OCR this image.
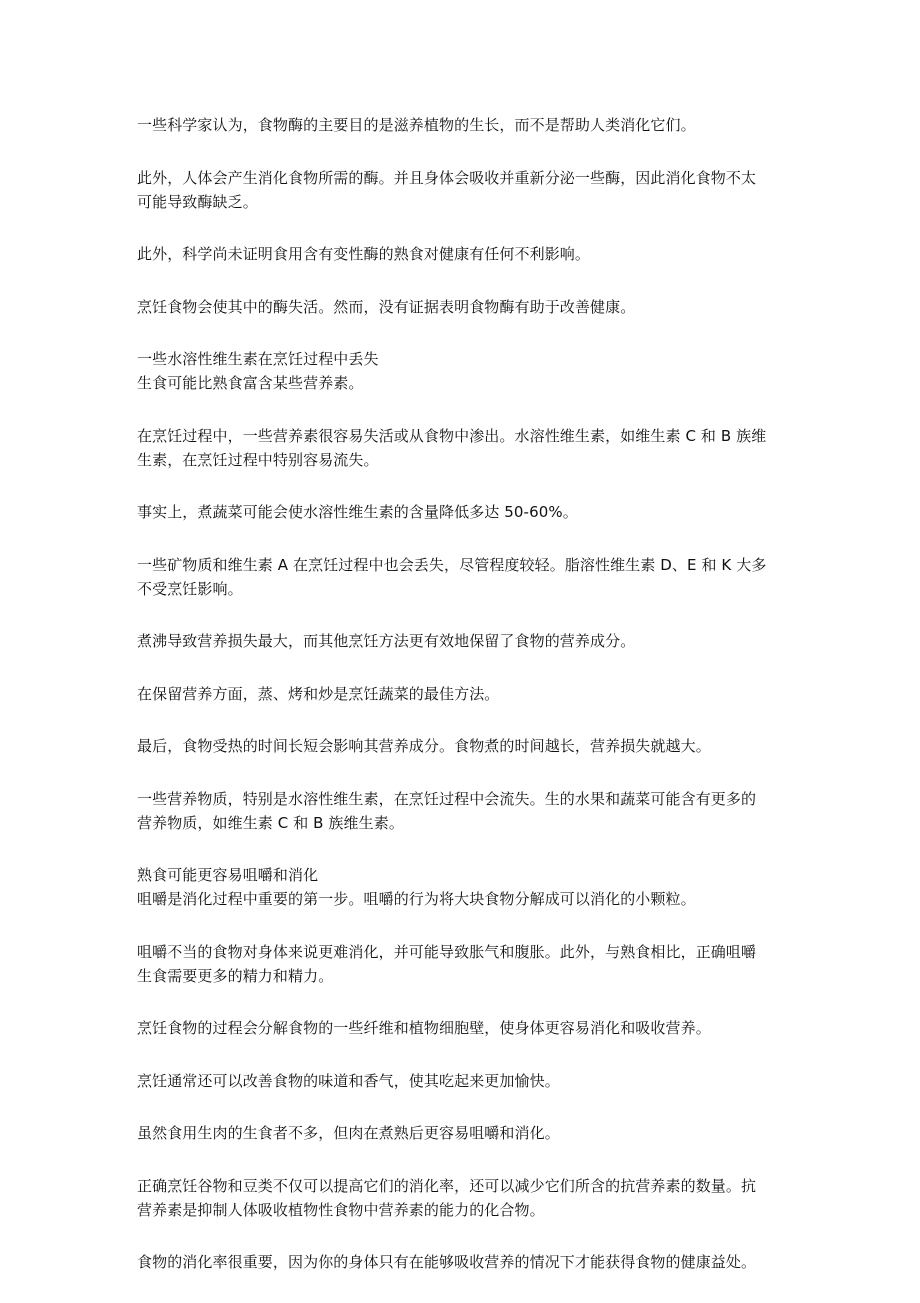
一些科学家认为，食物酶的主要目的是滋养植物的生长，而不是帮助人类消化它们。

此外，人体会产生消化食物所需的酶。并且身体会吸收并重新分泌一些酶，因此消化食物不太
可能导致酶缺乏。

此外，科学尚未证明食用含有变性酶的熟食对健康有任何不利影响。

烹饪食物会使其中的酶失活。然而，没有证据表明食物酶有助于改善健康。

一些水溶性维生素在烹饪过程中丢失
生食可能比熟食富含某些营养素。

在烹饪过程中，一些营养素很容易失活或从食物中渗出。水溶性维生素，如维生素 C 和 B 族维
生素，在烹饪过程中特别容易流失。

事实上，煮蔬菜可能会使水溶性维生素的含量降低多达 50-60%。

一些矿物质和维生素 A 在烹饪过程中也会丢失，尽管程度较轻。脂溶性维生素 D、E 和 K 大多
不受烹饪影响。

煮沸导致营养损失最大，而其他烹饪方法更有效地保留了食物的营养成分。

在保留营养方面，蒸、烤和炒是烹饪蔬菜的最佳方法。

最后，食物受热的时间长短会影响其营养成分。食物煮的时间越长，营养损失就越大。

一些营养物质，特别是水溶性维生素，在烹饪过程中会流失。生的水果和蔬菜可能含有更多的
营养物质，如维生素 C 和 B 族维生素。

熟食可能更容易咀嚼和消化
咀嚼是消化过程中重要的第一步。咀嚼的行为将大块食物分解成可以消化的小颗粒。

咀嚼不当的食物对身体来说更难消化，并可能导致胀气和腹胀。此外，与熟食相比，正确咀嚼
生食需要更多的精力和精力。

烹饪食物的过程会分解食物的一些纤维和植物细胞壁，使身体更容易消化和吸收营养。

烹饪通常还可以改善食物的味道和香气，使其吃起来更加愉快。

虽然食用生肉的生食者不多，但肉在煮熟后更容易咀嚼和消化。

正确烹饪谷物和豆类不仅可以提高它们的消化率，还可以减少它们所含的抗营养素的数量。抗
营养素是抑制人体吸收植物性食物中营养素的能力的化合物。

食物的消化率很重要，因为你的身体只有在能够吸收营养的情况下才能获得食物的健康益处。
